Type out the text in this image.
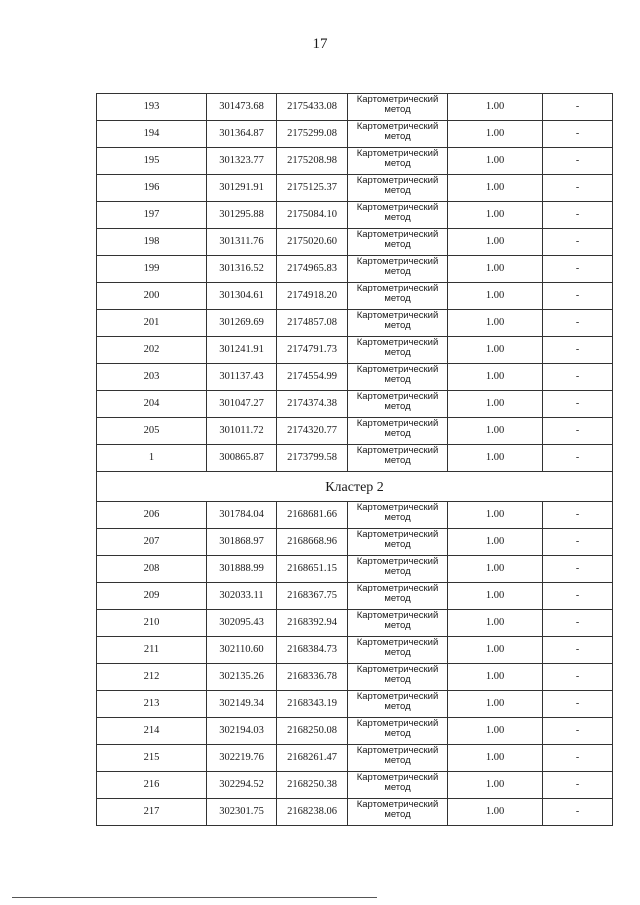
17
193	301473.68	2175433.08	Картометрический метод	1.00	-
194	301364.87	2175299.08	Картометрический метод	1.00	-
195	301323.77	2175208.98	Картометрический метод	1.00	-
196	301291.91	2175125.37	Картометрический метод	1.00	-
197	301295.88	2175084.10	Картометрический метод	1.00	-
198	301311.76	2175020.60	Картометрический метод	1.00	-
199	301316.52	2174965.83	Картометрический метод	1.00	-
200	301304.61	2174918.20	Картометрический метод	1.00	-
201	301269.69	2174857.08	Картометрический метод	1.00	-
202	301241.91	2174791.73	Картометрический метод	1.00	-
203	301137.43	2174554.99	Картометрический метод	1.00	-
204	301047.27	2174374.38	Картометрический метод	1.00	-
205	301011.72	2174320.77	Картометрический метод	1.00	-
1	300865.87	2173799.58	Картометрический метод	1.00	-
Кластер 2					
206	301784.04	2168681.66	Картометрический метод	1.00	-
207	301868.97	2168668.96	Картометрический метод	1.00	-
208	301888.99	2168651.15	Картометрический метод	1.00	-
209	302033.11	2168367.75	Картометрический метод	1.00	-
210	302095.43	2168392.94	Картометрический метод	1.00	-
211	302110.60	2168384.73	Картометрический метод	1.00	-
212	302135.26	2168336.78	Картометрический метод	1.00	-
213	302149.34	2168343.19	Картометрический метод	1.00	-
214	302194.03	2168250.08	Картометрический метод	1.00	-
215	302219.76	2168261.47	Картометрический метод	1.00	-
216	302294.52	2168250.38	Картометрический метод	1.00	-
217	302301.75	2168238.06	Картометрический метод	1.00	-
